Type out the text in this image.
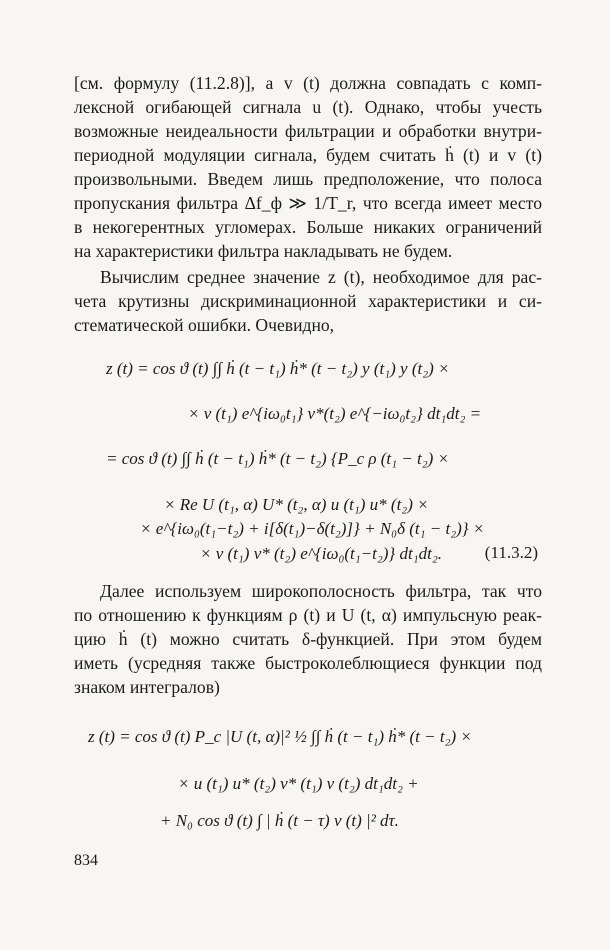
[см. формулу (11.2.8)], а v (t) должна совпадать с комп-
лексной огибающей сигнала u (t). Однако, чтобы учесть
возможные неидеальности фильтрации и обработки внутри-
периодной модуляции сигнала, будем считать ḣ (t) и v (t)
произвольными. Введем лишь предположение, что полоса
пропускания фильтра Δf_ф ≫ 1/T_r, что всегда имеет место
в некогерентных угломерах. Больше никаких ограничений
на характеристики фильтра накладывать не будем.
Вычислим среднее значение z (t), необходимое для рас-
чета крутизны дискриминационной характеристики и си-
стематической ошибки. Очевидно,
z (t) = cos ϑ (t) ∫∫ ḣ (t − t₁) ḣ* (t − t₂) y (t₁) y (t₂) ×
× v (t₁) e^{iω₀t₁} v*(t₂) e^{−iω₀t₂} dt₁dt₂ =
= cos ϑ (t) ∫∫ ḣ (t − t₁) ḣ* (t − t₂) {P_c ρ (t₁ − t₂) ×
× Re U (t₁, α) U* (t₂, α) u (t₁) u* (t₂) ×
× e^{iω₀(t₁−t₂) + i[δ(t₁)−δ(t₂)]} + N₀δ (t₁ − t₂)} ×
× v (t₁) v* (t₂) e^{iω₀(t₁−t₂)} dt₁dt₂.	(11.3.2)
Далее используем широкополосность фильтра, так что
по отношению к функциям ρ (t) и U (t, α) импульсную реак-
цию ḣ (t) можно считать δ-функцией. При этом будем
иметь (усредняя также быстроколеблющиеся функции под
знаком интегралов)
z (t) = cos ϑ (t) P_c |U (t, α)|² ½ ∫∫ ḣ (t − t₁) ḣ* (t − t₂) ×
× u (t₁) u* (t₂) v* (t₁) v (t₂) dt₁dt₂ +
+ N₀ cos ϑ (t) ∫ | ḣ (t − τ) v (t) |² dτ.
834
